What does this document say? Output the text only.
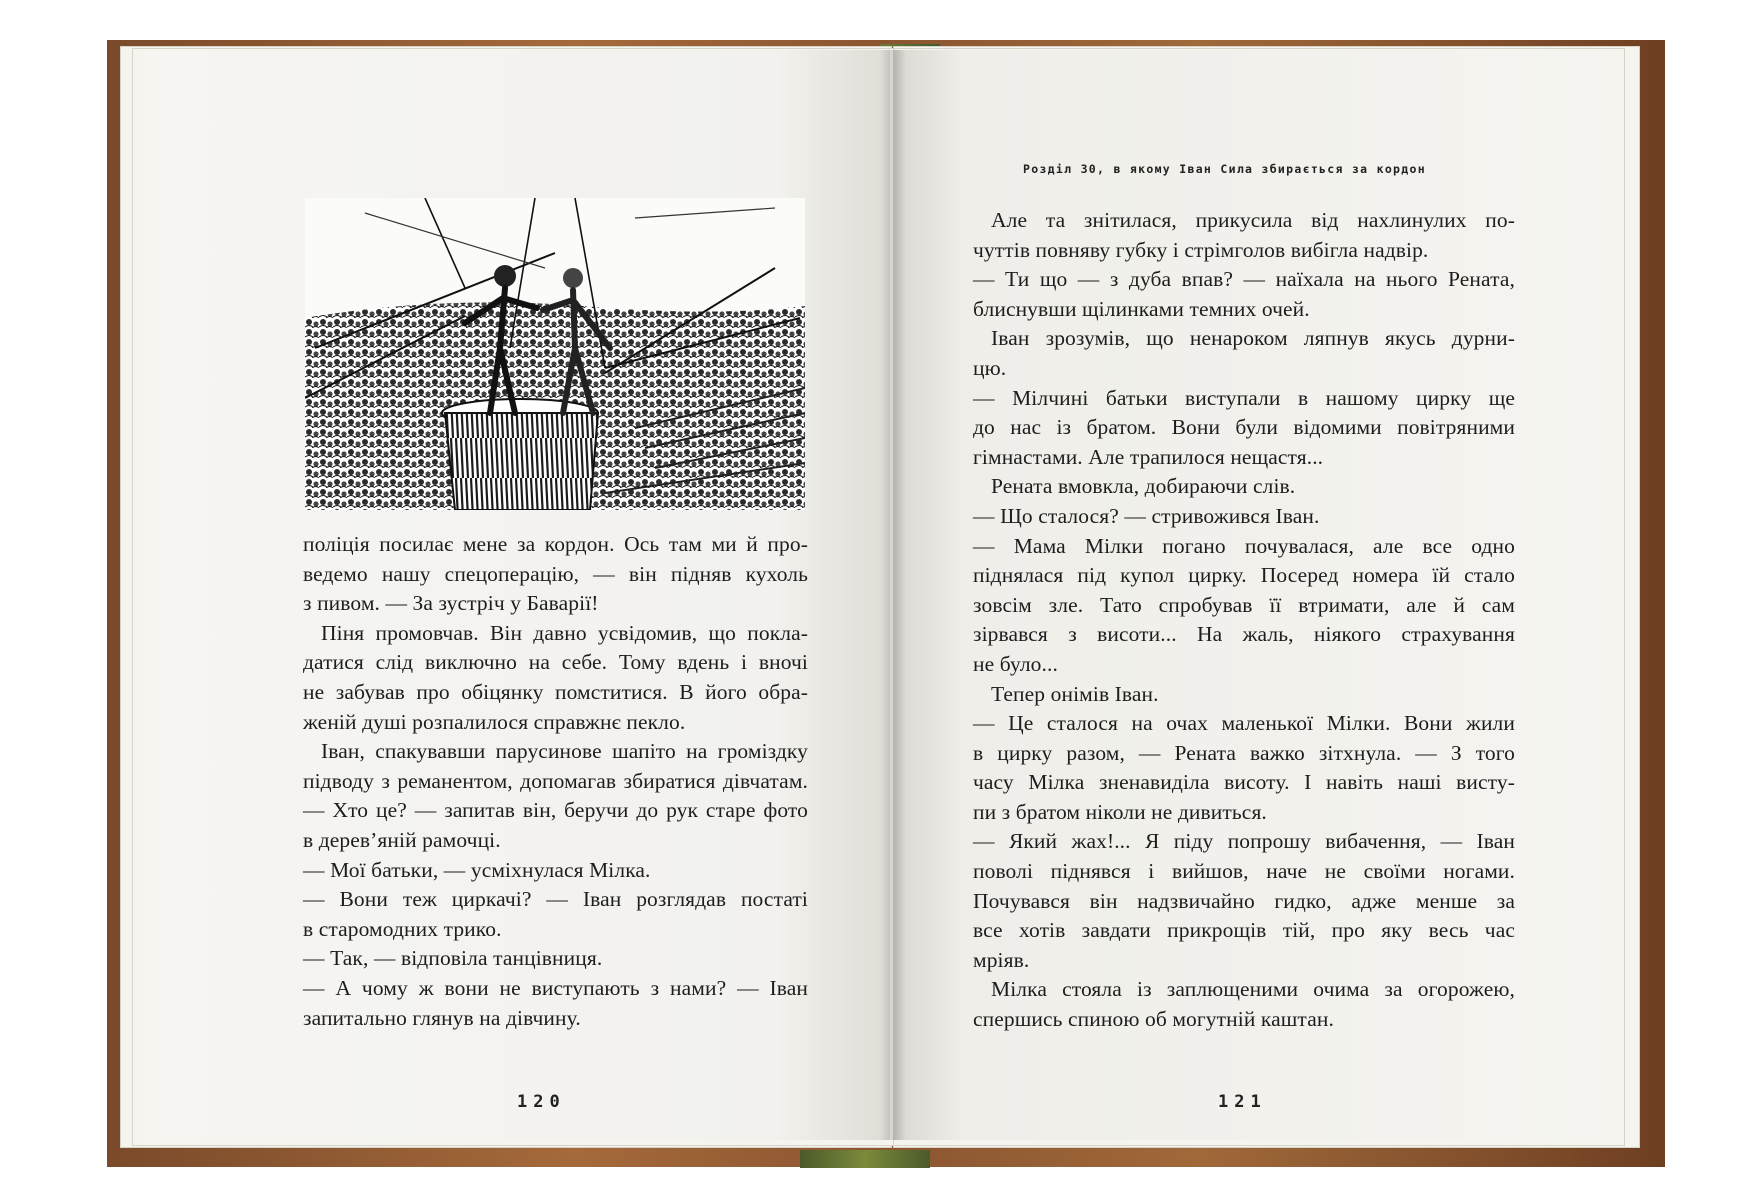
поліція посилає мене за кордон. Ось там ми й про-
ведемо нашу спецоперацію, — він підняв кухоль
з пивом. — За зустріч у Баварії!
Піня промовчав. Він давно усвідомив, що покла-
датися слід виключно на себе. Тому вдень і вночі
не забував про обіцянку помститися. В його обра-
женій душі розпалилося справжнє пекло.
Іван, спакувавши парусинове шапіто на громіздку
підводу з реманентом, допомагав збиратися дівчатам.
— Хто це? — запитав він, беручи до рук старе фото
в дерев’яній рамочці.
— Мої батьки, — усміхнулася Мілка.
— Вони теж циркачі? — Іван розглядав постаті
в старомодних трико.
— Так, — відповіла танцівниця.
— А чому ж вони не виступають з нами? — Іван
запитально глянув на дівчину.
120
Розділ 30, в якому Іван Сила збирається за кордон
Але та знітилася, прикусила від нахлинулих по-
чуттів повняву губку і стрімголов вибігла надвір.
— Ти що — з дуба впав? — наїхала на нього Рената,
блиснувши щілинками темних очей.
Іван зрозумів, що ненароком ляпнув якусь дурни-
цю.
— Мілчині батьки виступали в нашому цирку ще
до нас із братом. Вони були відомими повітряними
гімнастами. Але трапилося нещастя...
Рената вмовкла, добираючи слів.
— Що сталося? — стривожився Іван.
— Мама Мілки погано почувалася, але все одно
піднялася під купол цирку. Посеред номера їй стало
зовсім зле. Тато спробував її втримати, але й сам
зірвався з висоти... На жаль, ніякого страхування
не було...
Тепер онімів Іван.
— Це сталося на очах маленької Мілки. Вони жили
в цирку разом, — Рената важко зітхнула. — З того
часу Мілка зненавиділа висоту. І навіть наші висту-
пи з братом ніколи не дивиться.
— Який жах!... Я піду попрошу вибачення, — Іван
поволі піднявся і вийшов, наче не своїми ногами.
Почувався він надзвичайно гидко, адже менше за
все хотів завдати прикрощів тій, про яку весь час
мріяв.
Мілка стояла із заплющеними очима за огорожею,
спершись спиною об могутній каштан.
121
